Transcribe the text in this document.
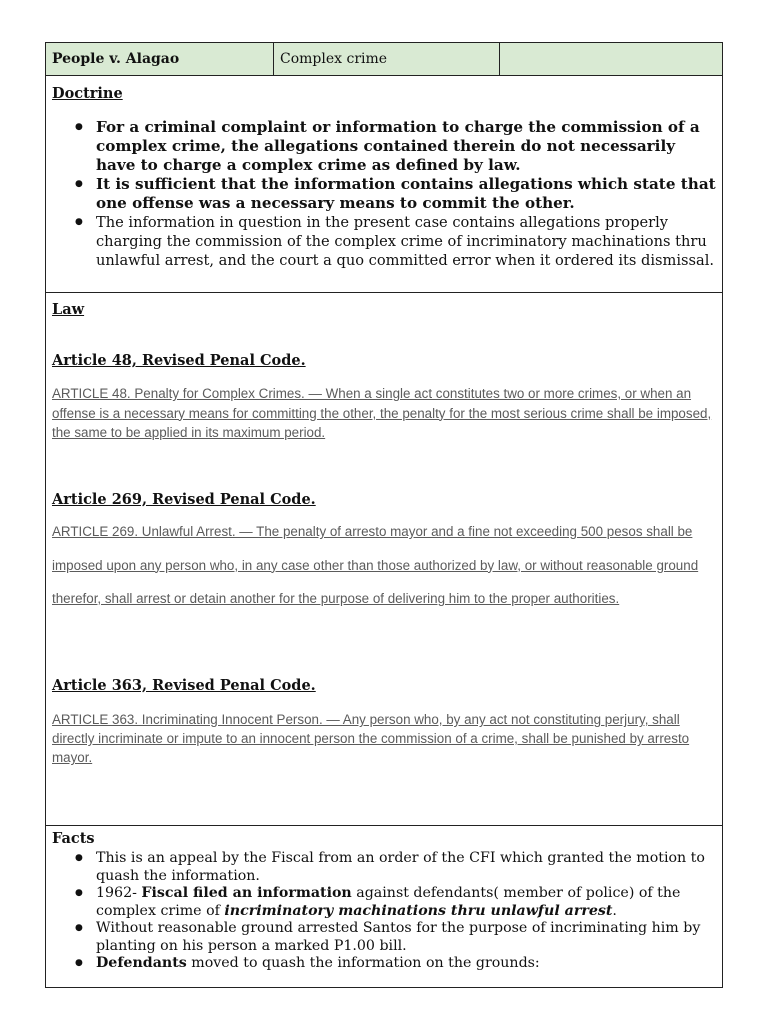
People v. Alagao	Complex crime
Doctrine
● For a criminal complaint or information to charge the commission of a complex crime, the allegations contained therein do not necessarily have to charge a complex crime as defined by law.
● It is sufficient that the information contains allegations which state that one offense was a necessary means to commit the other.
● The information in question in the present case contains allegations properly charging the commission of the complex crime of incriminatory machinations thru unlawful arrest, and the court a quo committed error when it ordered its dismissal.
Law
Article 48, Revised Penal Code.
ARTICLE 48. Penalty for Complex Crimes. — When a single act constitutes two or more crimes, or when an offense is a necessary means for committing the other, the penalty for the most serious crime shall be imposed, the same to be applied in its maximum period.
Article 269, Revised Penal Code.
ARTICLE 269. Unlawful Arrest. — The penalty of arresto mayor and a fine not exceeding 500 pesos shall be imposed upon any person who, in any case other than those authorized by law, or without reasonable ground therefor, shall arrest or detain another for the purpose of delivering him to the proper authorities.
Article 363, Revised Penal Code.
ARTICLE 363. Incriminating Innocent Person. — Any person who, by any act not constituting perjury, shall directly incriminate or impute to an innocent person the commission of a crime, shall be punished by arresto mayor.
Facts
● This is an appeal by the Fiscal from an order of the CFI which granted the motion to quash the information.
● 1962- Fiscal filed an information against defendants( member of police) of the complex crime of incriminatory machinations thru unlawful arrest.
● Without reasonable ground arrested Santos for the purpose of incriminating him by planting on his person a marked P1.00 bill.
● Defendants moved to quash the information on the grounds:
